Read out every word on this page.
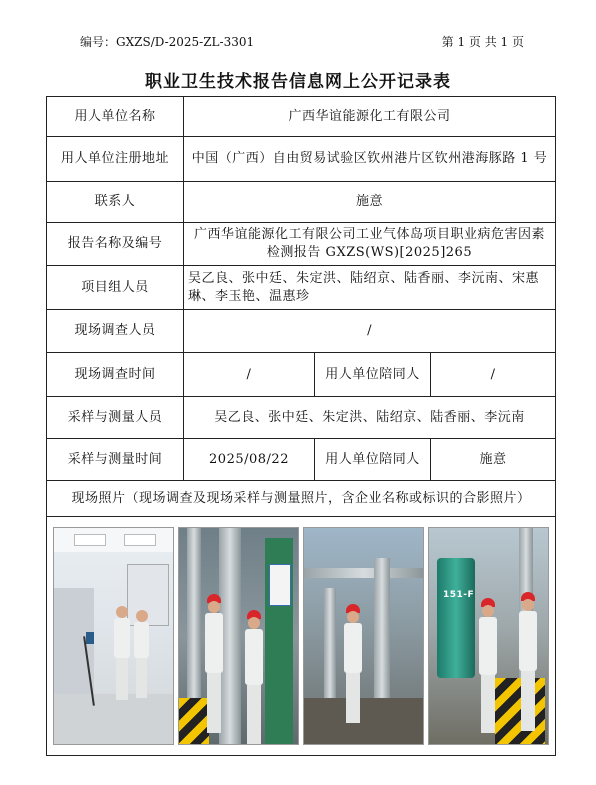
编号：GXZS/D-2025-ZL-3301	第 1 页 共 1 页
职业卫生技术报告信息网上公开记录表
用人单位名称	广西华谊能源化工有限公司		
用人单位注册地址	中国（广西）自由贸易试验区钦州港片区钦州港海豚路 1 号		
联系人	施意		
报告名称及编号	广西华谊能源化工有限公司工业气体岛项目职业病危害因素检测报告 GXZS(WS)[2025]265		
项目组人员	吴乙良、张中廷、朱定洪、陆绍京、陆香丽、李沅南、宋惠琳、李玉艳、温惠珍		
现场调查人员	/		
现场调查时间	/	用人单位陪同人	/
采样与测量人员	吴乙良、张中廷、朱定洪、陆绍京、陆香丽、李沅南		
采样与测量时间	2025/08/22	用人单位陪同人	施意
现场照片（现场调查及现场采样与测量照片，含企业名称或标识的合影照片）			

151-F			
